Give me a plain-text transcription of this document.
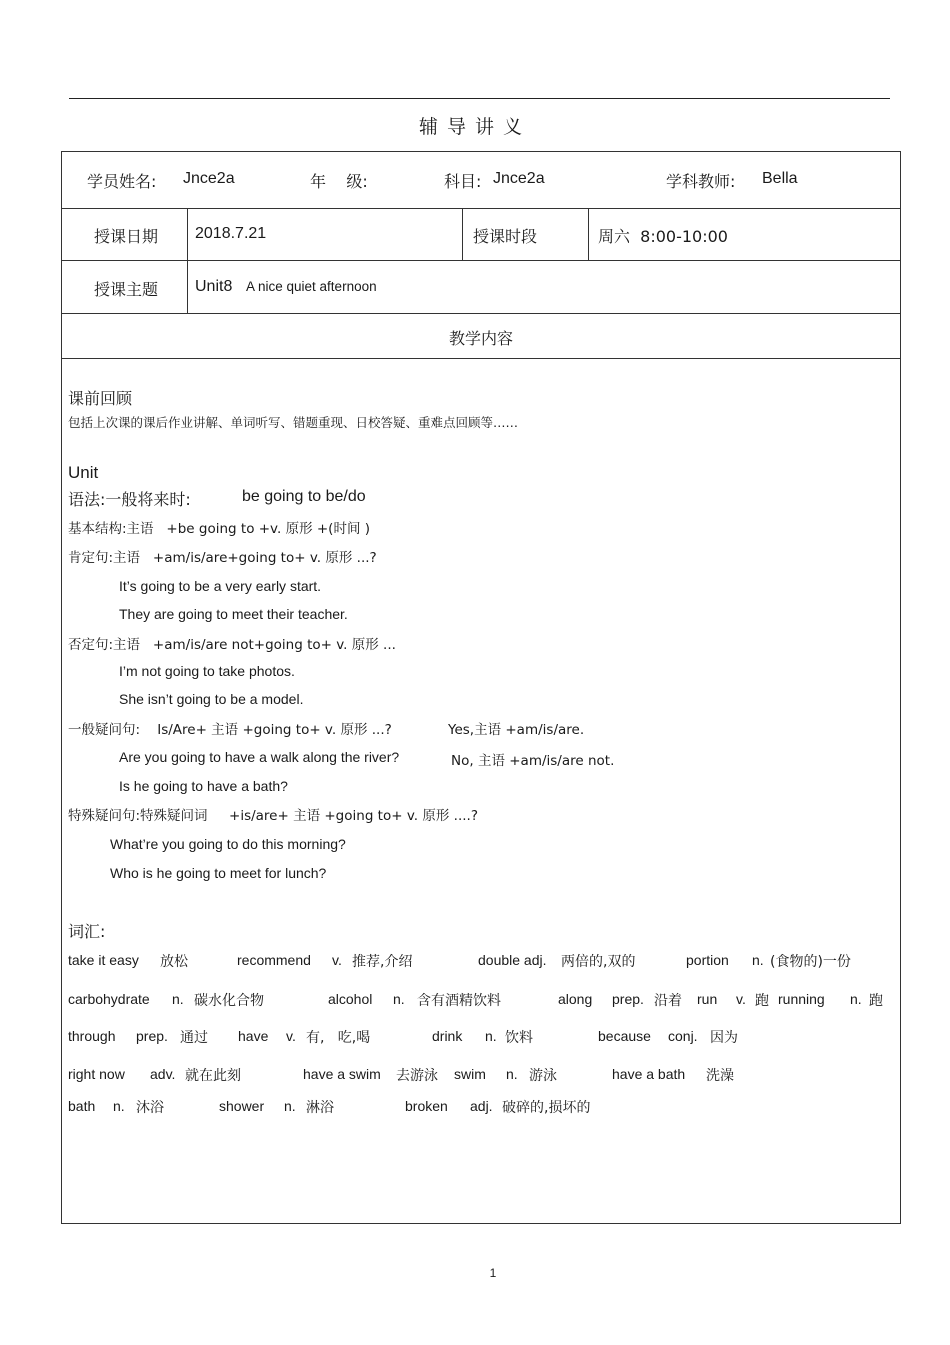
辅导讲义
学员姓名: Jnce2a	年    级:	科目: Jnce2a	学科教师: Bella
授课日期 2018.7.21	授课时段	周六  8:00-10:00
授课主题 Unit8 A nice quiet afternoon
教学内容
课前回顾
包括上次课的课后作业讲解、单词听写、错题重现、日校答疑、重难点回顾等……
Unit
语法:一般将来时:	be going to be/do
基本结构:主语   +be going to +v. 原形 +(时间 )
肯定句:主语   +am/is/are+going to+ v. 原形 ...?
It’s going to be a very early start.
They are going to meet their teacher.
否定句:主语   +am/is/are not+going to+ v. 原形 ...
I’m not going to take photos.
She isn’t going to be a model.
一般疑问句:    Is/Are+ 主语 +going to+ v. 原形 ...?	Yes,主语 +am/is/are.
Are you going to have a walk along the river?	No, 主语 +am/is/are not.
Is he going to have a bath?
特殊疑问句:特殊疑问词     +is/are+ 主语 +going to+ v. 原形 ....?
What’re you going to do this morning?
Who is he going to meet for lunch?
词汇:
take it easy 放松	recommend v. 推荐,介绍	double adj. 两倍的,双的	portion n. (食物的)一份
carbohydrate n. 碳水化合物	alcohol n. 含有酒精饮料	along prep. 沿着 run v. 跑 running n. 跑
through prep. 通过 have v. 有,   吃,喝	drink n. 饮料	because conj. 因为
right now adv. 就在此刻	have a swim 去游泳 swim n. 游泳	have a bath 洗澡
bath n. 沐浴	shower n. 淋浴	broken adj. 破碎的,损坏的
1
